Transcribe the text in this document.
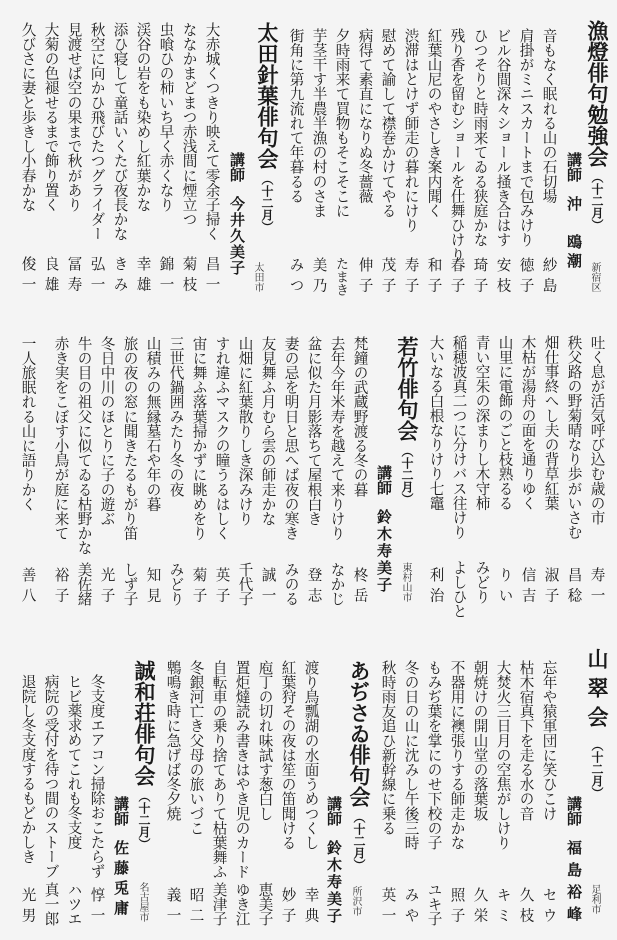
漁燈俳句勉強会（十二月）
講師沖　鴎潮
新宿区
音もなく眠れる山の石切場
紗島
肩掛がミニスカートまで包みけり
徳子
ビル谷間深々ショール掻き合はす
安枝
ひつそりと時雨来てゐる狭庭かな
琦子
残り香を留むショールを仕舞ひけり
春子
紅葉山尼のやさしき案内聞く
和子
渋滞はとけず師走の暮れにけり
寿子
慰めて諭して襟巻かけてやる
茂子
病得て素直になりぬ冬薔薇
伸子
夕時雨来て買物もそこそこに
たまき
芋茎干す半農半漁の村のさま
美乃
街角に第九流れて年暮るる
みつ
太田針葉俳句会（十二月）
講師今井久美子
太田市
大赤城くつきり映えて零余子掃く
昌一
ななかまどまつ赤浅間に煙立つ
菊枝
虫喰ひの柿いち早く赤くなり
錦一
渓谷の岩をも染めし紅葉かな
幸雄
添ひ寝して童話いくたび夜長かな
きみ
秋空に向かひ飛びたつグライダー
弘一
見渡せば空の果まで秋があり
冨寿
大菊の色褪せるまで飾り置く
良雄
久びさに妻と歩きし小春かな
俊一
吐く息が活気呼び込む歳の市
寿一
秩父路の野菊晴なり歩がいさむ
昌稔
畑仕事終へし夫の背草紅葉
淑子
木枯が湯舟の面を通りゆく
信吉
山里に電飾のごと枝熟るる
りい
青い空朱の深まりし木守柿
みどり
稲穂波真二つに分けバス往けり
よしひと
大いなる白根なりけり七竈
利治
若竹俳句会（十二月）
講師鈴木寿美子 東村山市
梵鐘の武蔵野渡る冬の暮
柊岳
去年今年米寿を越えて来りけり
なかじ
盆に似た月影落ちて屋根白き
登志
妻の忌を明日と思へば夜の寒き
みのる
友見舞ふ月むら雲の師走かな
誠一
山畑に紅葉散りしき深みけり
千代子
すれ違ふマスクの瞳うるはしく
英子
宙に舞ふ落葉掃かずに眺めをり
菊子
三世代鍋囲みたり冬の夜
みどり
山積みの無縁墓石や年の暮
知見
旅の夜の窓に聞きたるもがり笛
しず子
冬日中川のほとりに子の遊ぶ
光子
牛の目の祖父に似てゐる枯野かな
美佐緒
赤き実をこぼす小鳥が庭に来て
裕子
一人旅眠れる山に語りかく
善八
山翠会（十二月）
講師福島裕峰 足利市
忘年や猿軍団に笑ひこけ
セウ
枯木宿真下を走る水の音
久枝
大焚火三日月の空焦がしけり
キミ
朝焼けの開山堂の落葉坂
久栄
不器用に襖張りする師走かな
照子
もみぢ葉を掌にのせ下校の子
ユキ子
冬の日の山に沈みし午後三時
みや
秋時雨友追ひ新幹線に乗る
英一
あぢさゐ俳句会（十二月）
講師鈴木寿美子 所沢市
渡り鳥瓢湖の水面うめつくし
幸典
紅葉狩その夜は笙の笛聞ける
妙子
庖丁の切れ味試す葱白し
恵美子
置炬燵読み書きはやき児のカード
ゆき江
自転車の乗り捨てありて枯葉舞ふ
美津子
冬銀河亡き父母の旅いづこ
昭二
鵯鳴き時に急げば冬夕焼
義一
誠和荘俳句会（十二月）
講師佐藤兎庸 名古屋市
冬支度エアコン掃除おこたらず
惇一
ヒビ薬求めてこれも冬支度
ハツエ
病院の受付を待つ間のストーブ
真一郎
退院し冬支度するもどかしき
光男
